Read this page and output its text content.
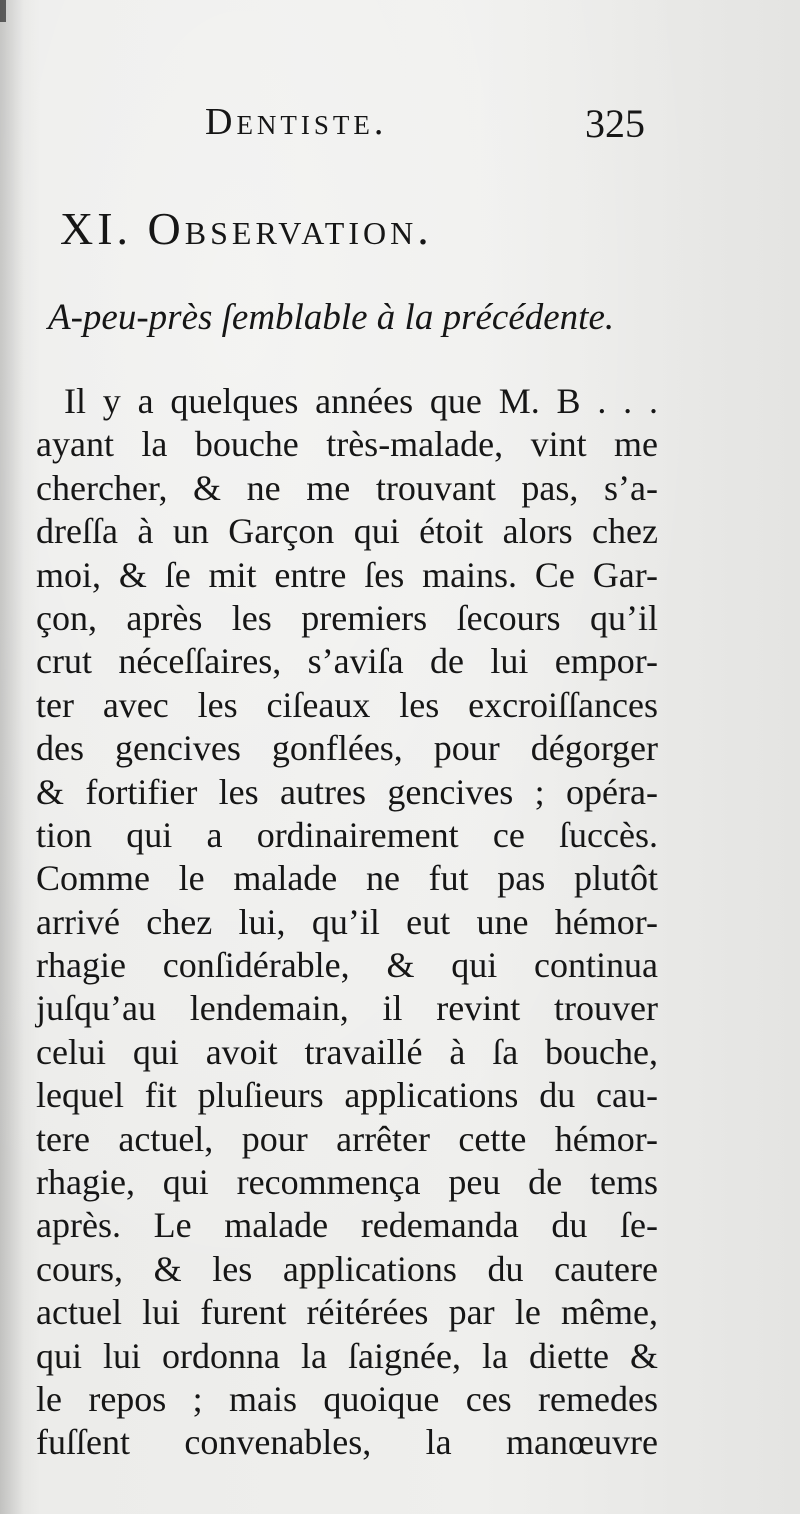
Dentiste.	325
XI. Observation.
A-peu-près ſemblable à la précédente.
Il y a quelques années que M. B . . .
ayant la bouche très-malade, vint me
chercher, & ne me trouvant pas, s’a-
dreſſa à un Garçon qui étoit alors chez
moi, & ſe mit entre ſes mains. Ce Gar-
çon, après les premiers ſecours qu’il
crut néceſſaires, s’aviſa de lui empor-
ter avec les ciſeaux les excroiſſances
des gencives gonflées, pour dégorger
& fortifier les autres gencives ; opéra-
tion qui a ordinairement ce ſuccès.
Comme le malade ne fut pas plutôt
arrivé chez lui, qu’il eut une hémor-
rhagie conſidérable, & qui continua
juſqu’au lendemain, il revint trouver
celui qui avoit travaillé à ſa bouche,
lequel fit pluſieurs applications du cau-
tere actuel, pour arrêter cette hémor-
rhagie, qui recommença peu de tems
après. Le malade redemanda du ſe-
cours, & les applications du cautere
actuel lui furent réitérées par le même,
qui lui ordonna la ſaignée, la diette &
le repos ; mais quoique ces remedes
fuſſent convenables, la manœuvre
